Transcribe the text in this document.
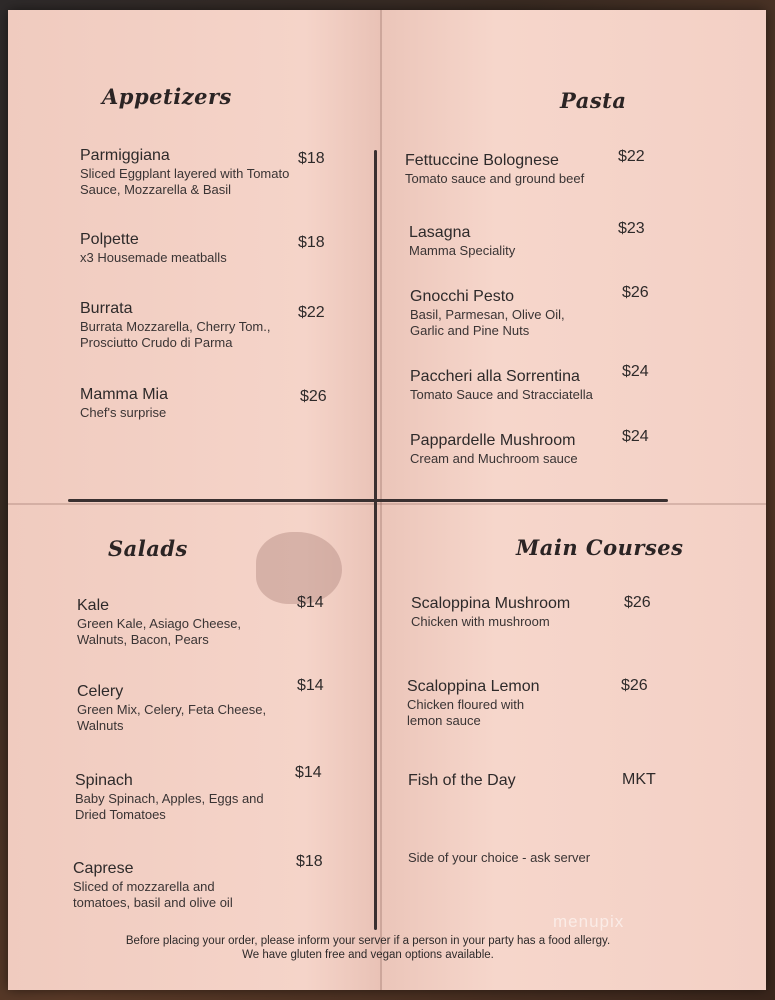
Appetizers
Parmiggiana
Sliced Eggplant layered with Tomato Sauce, Mozzarella & Basil
$18
Polpette
x3 Housemade meatballs
$18
Burrata
Burrata Mozzarella, Cherry Tom., Prosciutto Crudo di Parma
$22
Mamma Mia
Chef's surprise
$26
Pasta
Fettuccine Bolognese
Tomato sauce and ground beef
$22
Lasagna
Mamma Speciality
$23
Gnocchi Pesto
Basil, Parmesan, Olive Oil, Garlic and Pine Nuts
$26
Paccheri alla Sorrentina
Tomato Sauce and Stracciatella
$24
Pappardelle Mushroom
Cream and Muchroom sauce
$24
Salads
Kale
Green Kale, Asiago Cheese, Walnuts, Bacon, Pears
$14
Celery
Green Mix, Celery, Feta Cheese, Walnuts
$14
Spinach
Baby Spinach, Apples, Eggs and Dried Tomatoes
$14
Caprese
Sliced of mozzarella and tomatoes, basil and olive oil
$18
Main Courses
Scaloppina Mushroom
Chicken with mushroom
$26
Scaloppina Lemon
Chicken floured with lemon sauce
$26
Fish of the Day	MKT
Side of your choice - ask server
menupix
Before placing your order, please inform your server if a person in your party has a food allergy.
We have gluten free and vegan options available.
